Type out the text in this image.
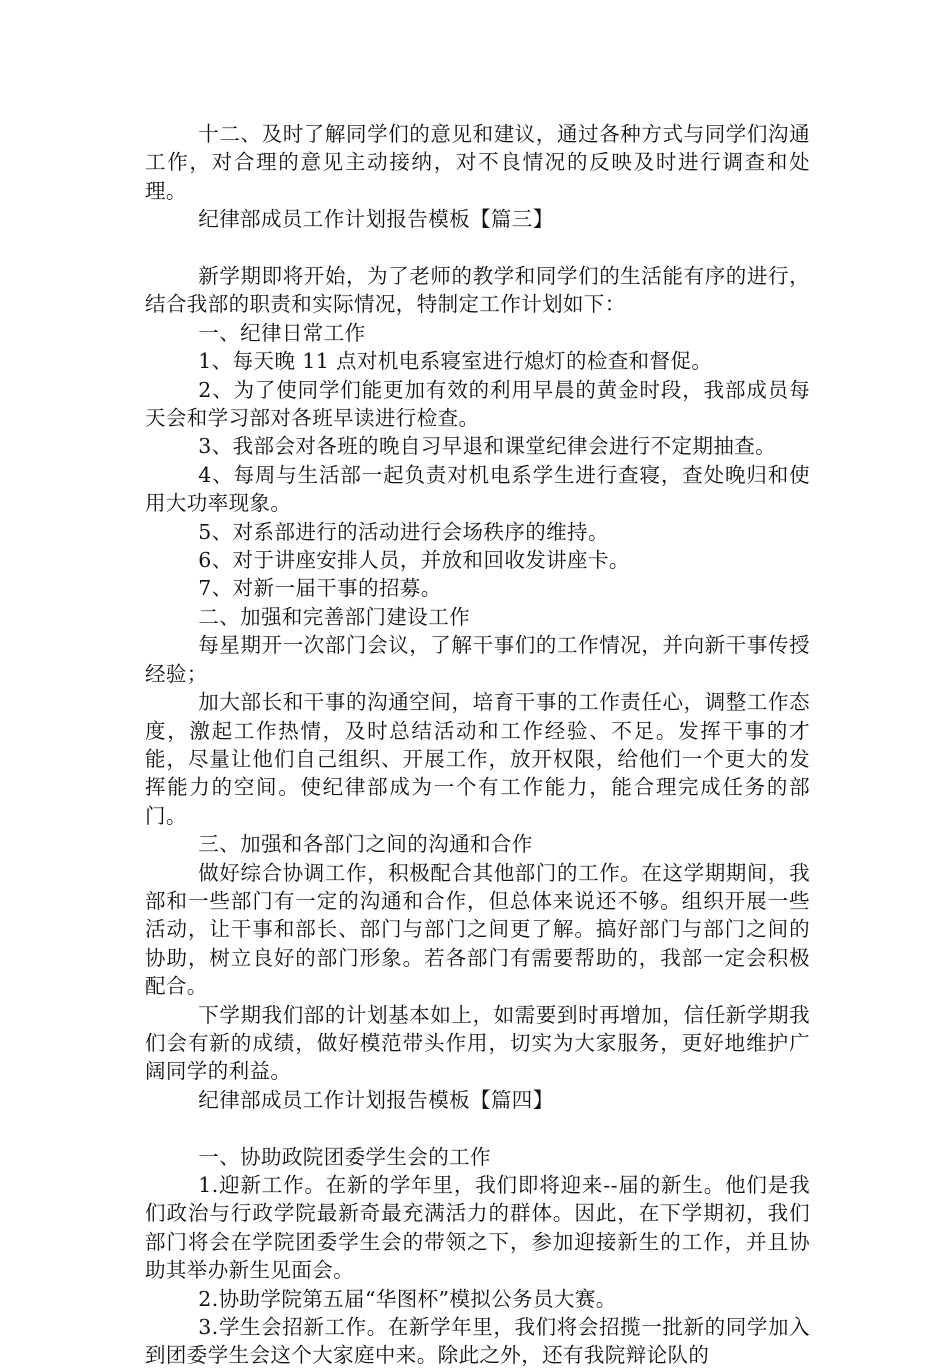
十二、及时了解同学们的意见和建议，通过各种方式与同学们沟通工作，对合理的意见主动接纳，对不良情况的反映及时进行调查和处理。

纪律部成员工作计划报告模板【篇三】

新学期即将开始，为了老师的教学和同学们的生活能有序的进行，结合我部的职责和实际情况，特制定工作计划如下：

一、纪律日常工作

1、每天晚 11 点对机电系寝室进行熄灯的检查和督促。

2、为了使同学们能更加有效的利用早晨的黄金时段，我部成员每天会和学习部对各班早读进行检查。

3、我部会对各班的晚自习早退和课堂纪律会进行不定期抽查。

4、每周与生活部一起负责对机电系学生进行查寝，查处晚归和使用大功率现象。

5、对系部进行的活动进行会场秩序的维持。

6、对于讲座安排人员，并放和回收发讲座卡。

7、对新一届干事的招募。

二、加强和完善部门建设工作

每星期开一次部门会议，了解干事们的工作情况，并向新干事传授经验；

加大部长和干事的沟通空间，培育干事的工作责任心，调整工作态度，激起工作热情，及时总结活动和工作经验、不足。发挥干事的才能，尽量让他们自己组织、开展工作，放开权限，给他们一个更大的发挥能力的空间。使纪律部成为一个有工作能力，能合理完成任务的部门。

三、加强和各部门之间的沟通和合作

做好综合协调工作，积极配合其他部门的工作。在这学期期间，我部和一些部门有一定的沟通和合作，但总体来说还不够。组织开展一些活动，让干事和部长、部门与部门之间更了解。搞好部门与部门之间的协助，树立良好的部门形象。若各部门有需要帮助的，我部一定会积极配合。

下学期我们部的计划基本如上，如需要到时再增加，信任新学期我们会有新的成绩，做好模范带头作用，切实为大家服务，更好地维护广阔同学的利益。

纪律部成员工作计划报告模板【篇四】

一、协助政院团委学生会的工作

1.迎新工作。在新的学年里，我们即将迎来--届的新生。他们是我们政治与行政学院最新奇最充满活力的群体。因此，在下学期初，我们部门将会在学院团委学生会的带领之下，参加迎接新生的工作，并且协助其举办新生见面会。

2.协助学院第五届“华图杯”模拟公务员大赛。

3.学生会招新工作。在新学年里，我们将会招揽一批新的同学加入到团委学生会这个大家庭中来。除此之外，还有我院辩论队的
